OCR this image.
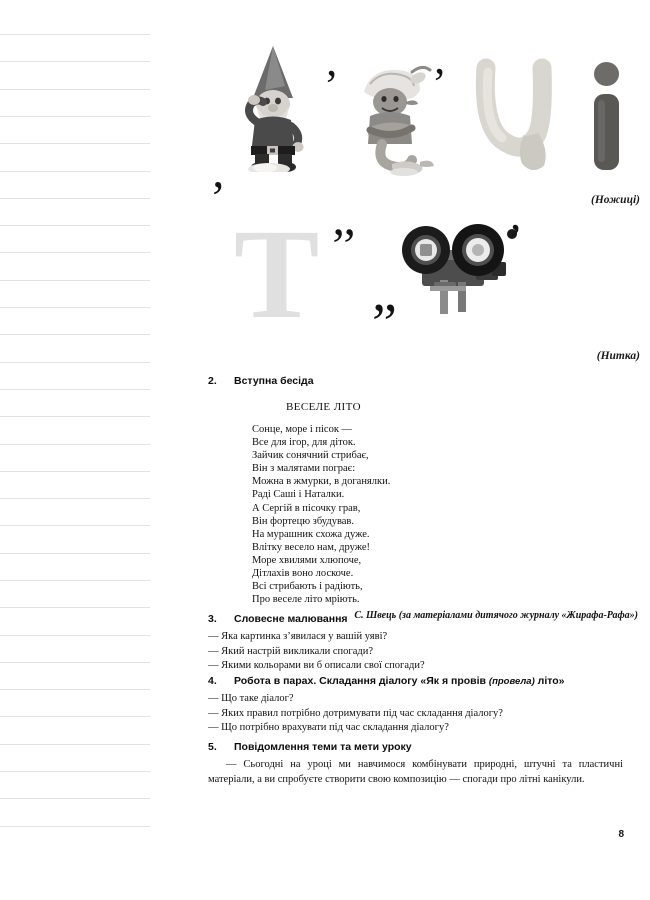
’
‚
’
(Ножиці)
Т ’’
”
’
(Нитка)

2. Вступна бесіда

ВЕСЕЛЕ ЛІТО

Сонце, море і пісок —

Все для ігор, для діток.

Зайчик сонячний стрибає,

Він з малятами пограє:

Можна в жмурки, в доганялки.

Раді Саші і Наталки.

А Сергій в пісочку грав,

Він фортецю збудував.

На мурашник схожа дуже.

Влітку весело нам, друже!

Море хвилями хлюпоче,

Дітлахів воно лоскоче.

Всі стрибають і радіють,

Про веселе літо мріють.

С. Швець (за матеріалами дитячого журналу «Жирафа-Рафа»)

3. Словесне малювання

— Яка картинка з’явилася у вашій уяві?

— Який настрій викликали спогади?

— Якими кольорами ви б описали свої спогади?

4. Робота в парах. Складання діалогу «Як я провів (провела) літо»

— Що таке діалог?

— Яких правил потрібно дотримувати під час складання діалогу?

— Що потрібно врахувати під час складання діалогу?

5. Повідомлення теми та мети уроку

— Сьогодні на уроці ми навчимося комбінувати природні, штучні та пластичні матеріали, а ви спробуєте створити свою композицію — спогади про літні канікули.

8
